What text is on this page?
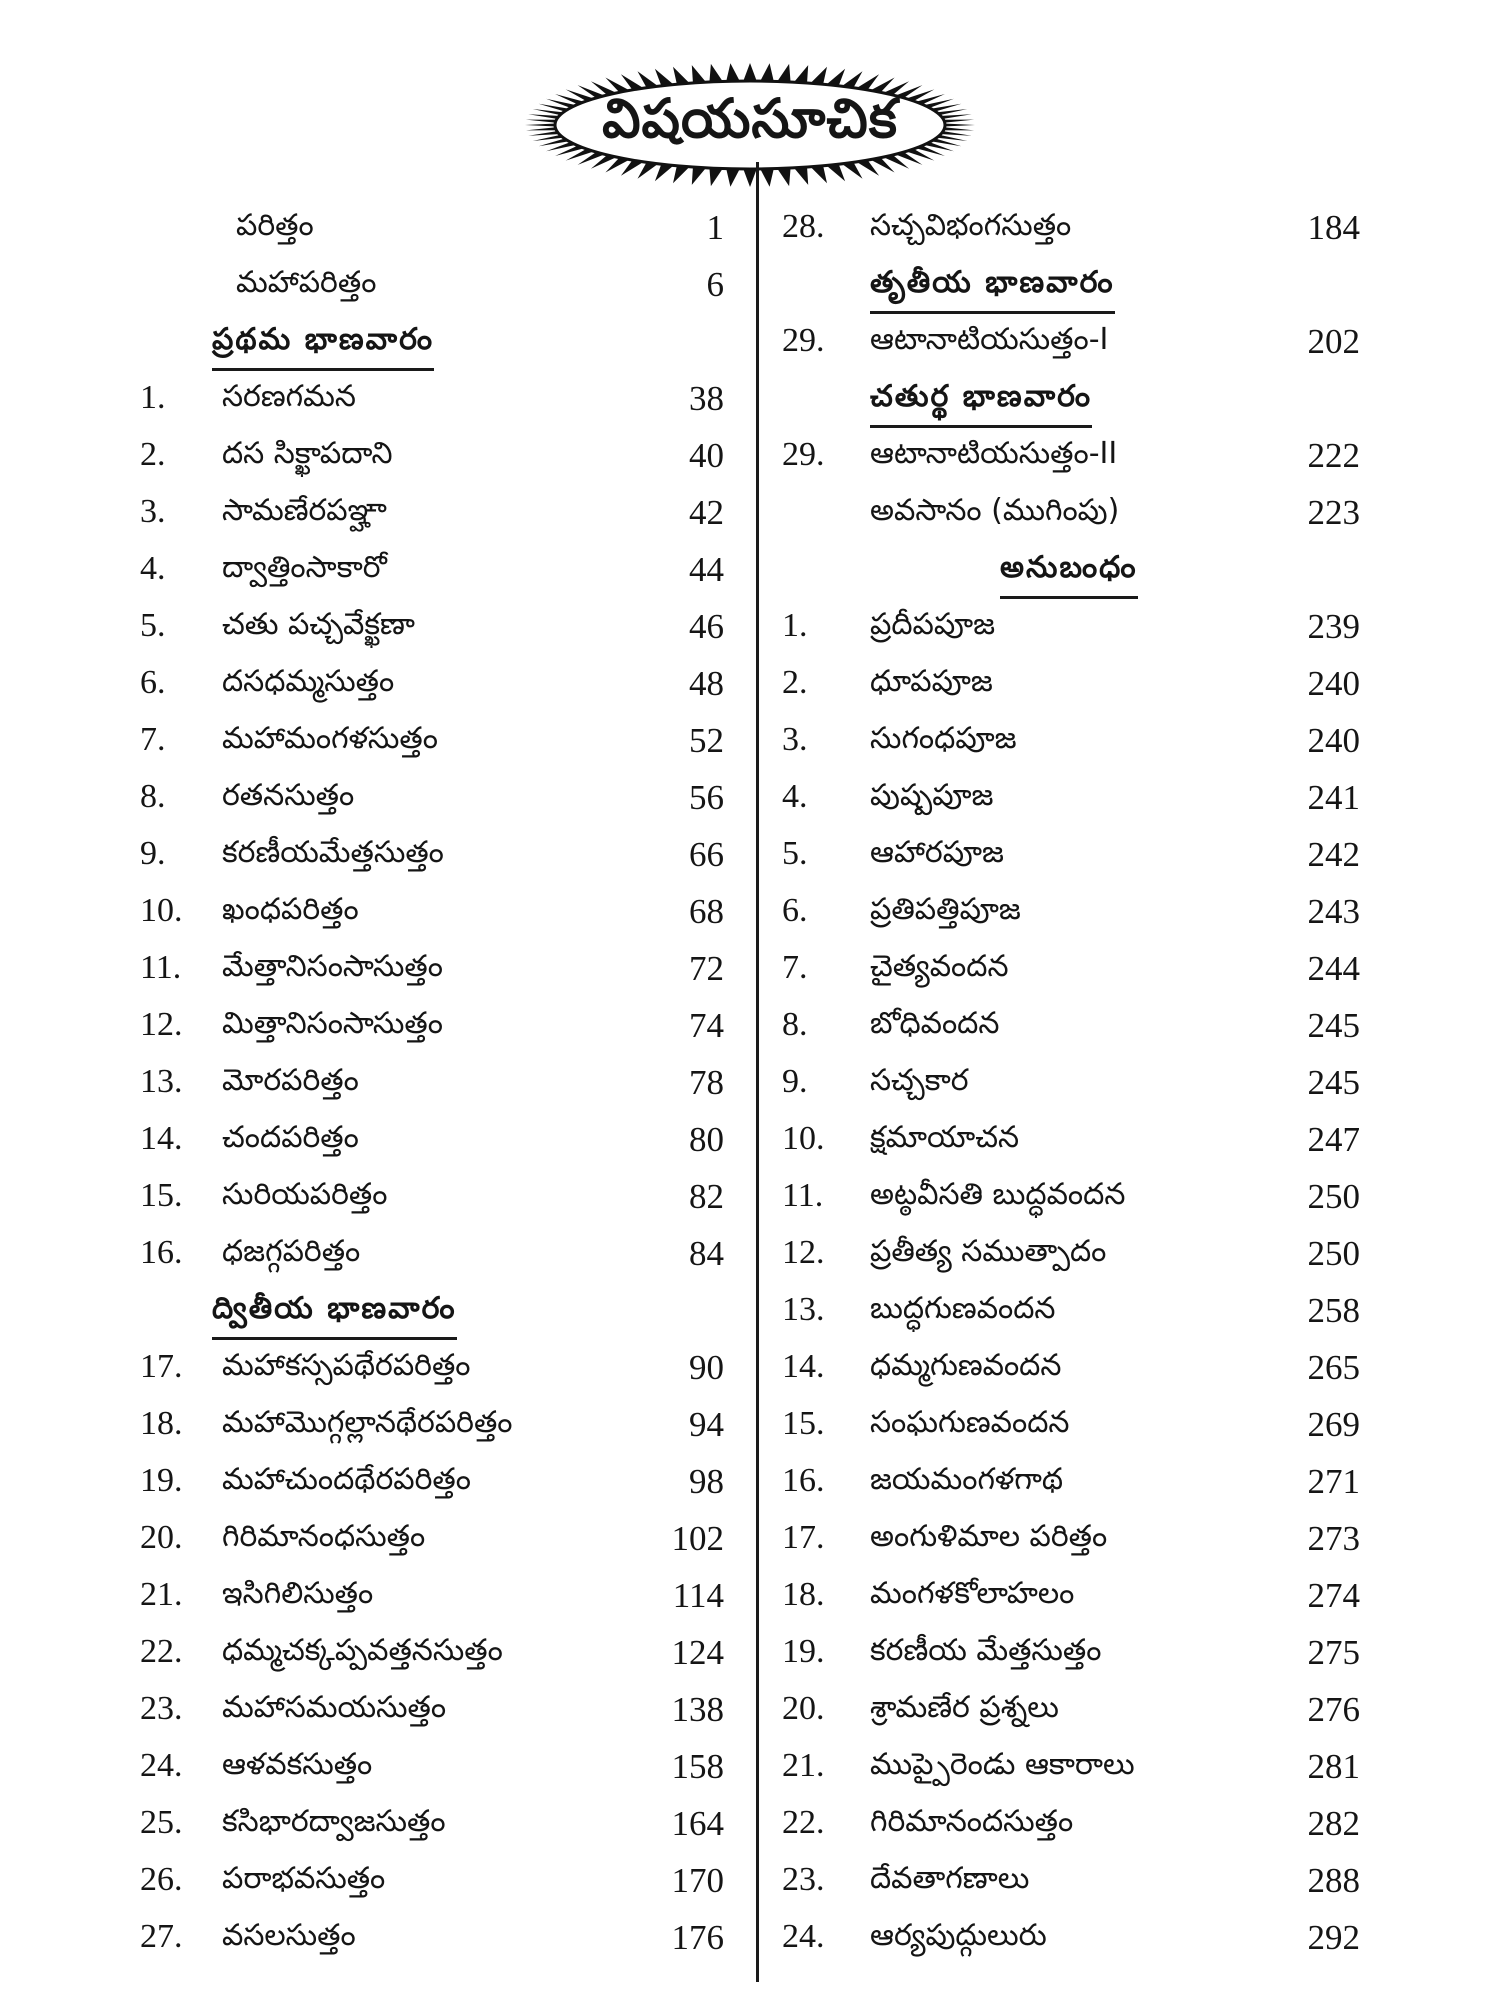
విషయసూచిక
పరిత్తం	1
మహాపరిత్తం	6
ప్రథమ భాణవారం
1. సరణగమన	38
2. దస సిక్ఖాపదాని	40
3. సామణేరపఞ్హా	42
4. ద్వాత్తింసాకారో	44
5. చతు పచ్చవేక్ఖణా	46
6. దసధమ్మసుత్తం	48
7. మహామంగళసుత్తం	52
8. రతనసుత్తం	56
9. కరణీయమేత్తసుత్తం	66
10. ఖంధపరిత్తం	68
11. మేత్తానిసంసాసుత్తం	72
12. మిత్తానిసంసాసుత్తం	74
13. మోరపరిత్తం	78
14. చందపరిత్తం	80
15. సురియపరిత్తం	82
16. ధజగ్గపరిత్తం	84
ద్వితీయ భాణవారం
17. మహాకస్సపథేరపరిత్తం	90
18. మహామొగ్గల్లానథేరపరిత్తం	94
19. మహాచుందథేరపరిత్తం	98
20. గిరిమానంధసుత్తం	102
21. ఇసిగిలిసుత్తం	114
22. ధమ్మచక్కప్పవత్తనసుత్తం	124
23. మహాసమయసుత్తం	138
24. ఆళవకసుత్తం	158
25. కసిభారద్వాజసుత్తం	164
26. పరాభవసుత్తం	170
27. వసలసుత్తం	176
28. సచ్చవిభంగసుత్తం	184
తృతీయ భాణవారం
29. ఆటానాటియసుత్తం-I	202
చతుర్థ భాణవారం
29. ఆటానాటియసుత్తం-II	222
అవసానం (ముగింపు)	223
అనుబంధం
1. ప్రదీపపూజ	239
2. ధూపపూజ	240
3. సుగంధపూజ	240
4. పుష్పపూజ	241
5. ఆహారపూజ	242
6. ప్రతిపత్తిపూజ	243
7. చైత్యవందన	244
8. బోధివందన	245
9. సచ్చకార	245
10. క్షమాయాచన	247
11. అట్ఠవీసతి బుద్ధవందన	250
12. ప్రతీత్య సముత్పాదం	250
13. బుద్ధగుణవందన	258
14. ధమ్మగుణవందన	265
15. సంఘగుణవందన	269
16. జయమంగళగాథ	271
17. అంగుళిమాల పరిత్తం	273
18. మంగళకోలాహలం	274
19. కరణీయ మేత్తసుత్తం	275
20. శ్రామణేర ప్రశ్నలు	276
21. ముప్పైరెండు ఆకారాలు	281
22. గిరిమానందసుత్తం	282
23. దేవతాగణాలు	288
24. ఆర్యపుద్గులురు	292
